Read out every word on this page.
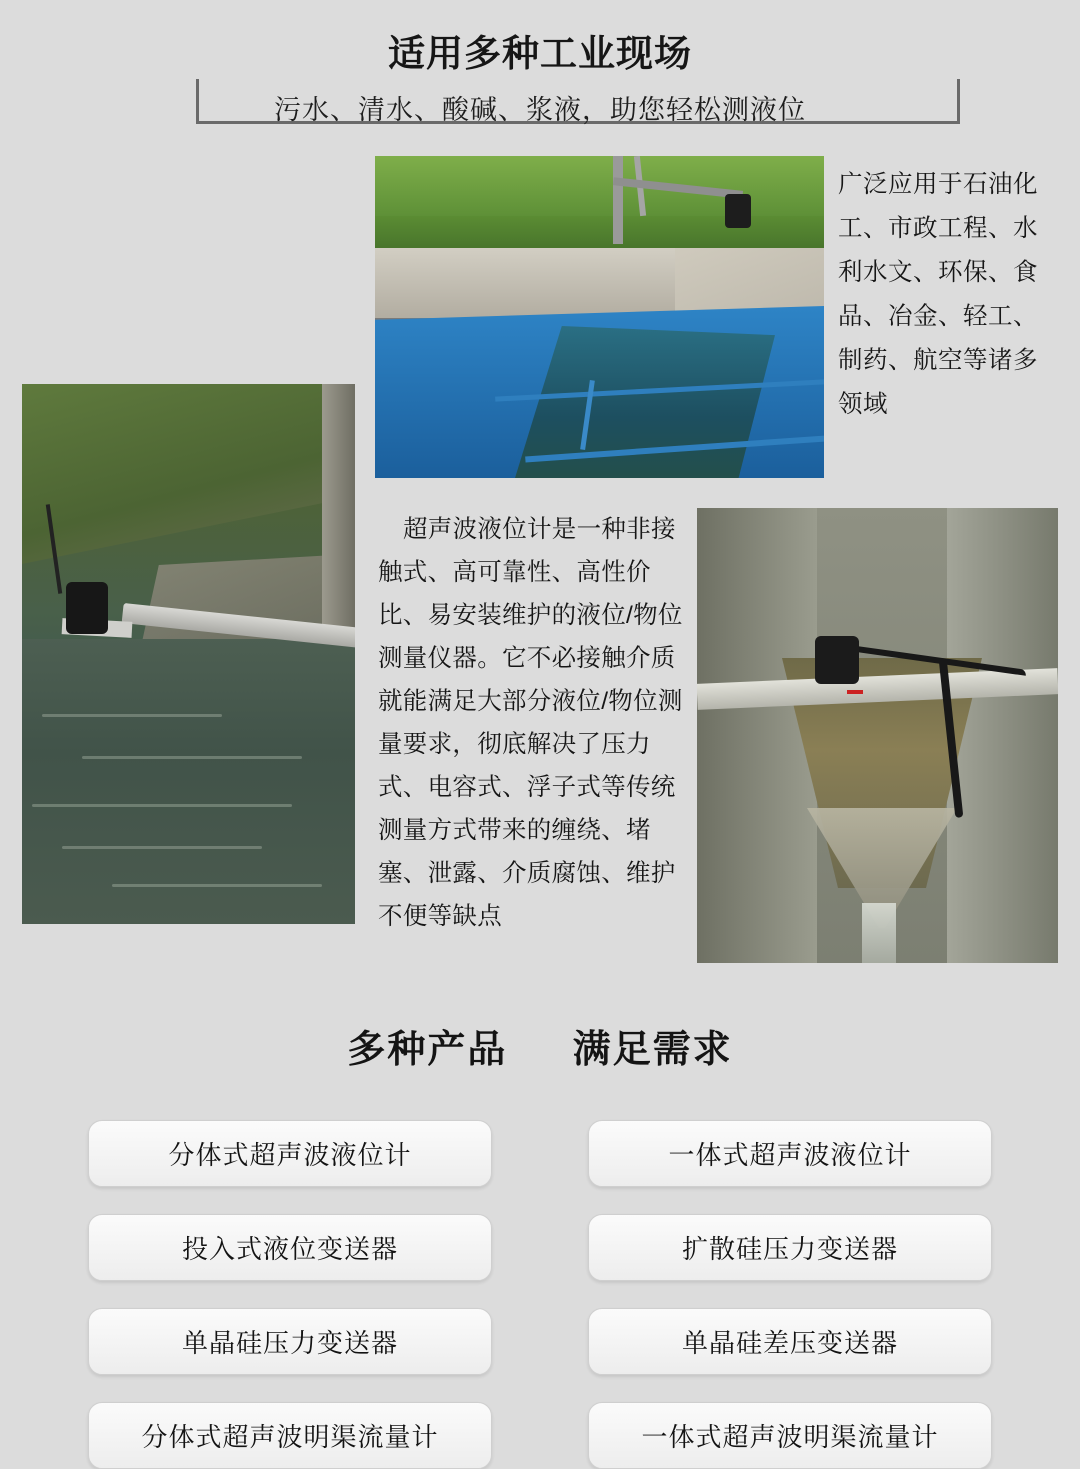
适用多种工业现场
污水、清水、酸碱、浆液，助您轻松测液位
广泛应用于石油化工、市政工程、水利水文、环保、食品、冶金、轻工、制药、航空等诸多领域
超声波液位计是一种非接触式、高可靠性、高性价比、易安装维护的液位/物位测量仪器。它不必接触介质就能满足大部分液位/物位测量要求，彻底解决了压力式、电容式、浮子式等传统测量方式带来的缠绕、堵塞、泄露、介质腐蚀、维护不便等缺点
多种产品 满足需求
分体式超声波液位计	一体式超声波液位计
投入式液位变送器	扩散硅压力变送器
单晶硅压力变送器	单晶硅差压变送器
分体式超声波明渠流量计	一体式超声波明渠流量计
